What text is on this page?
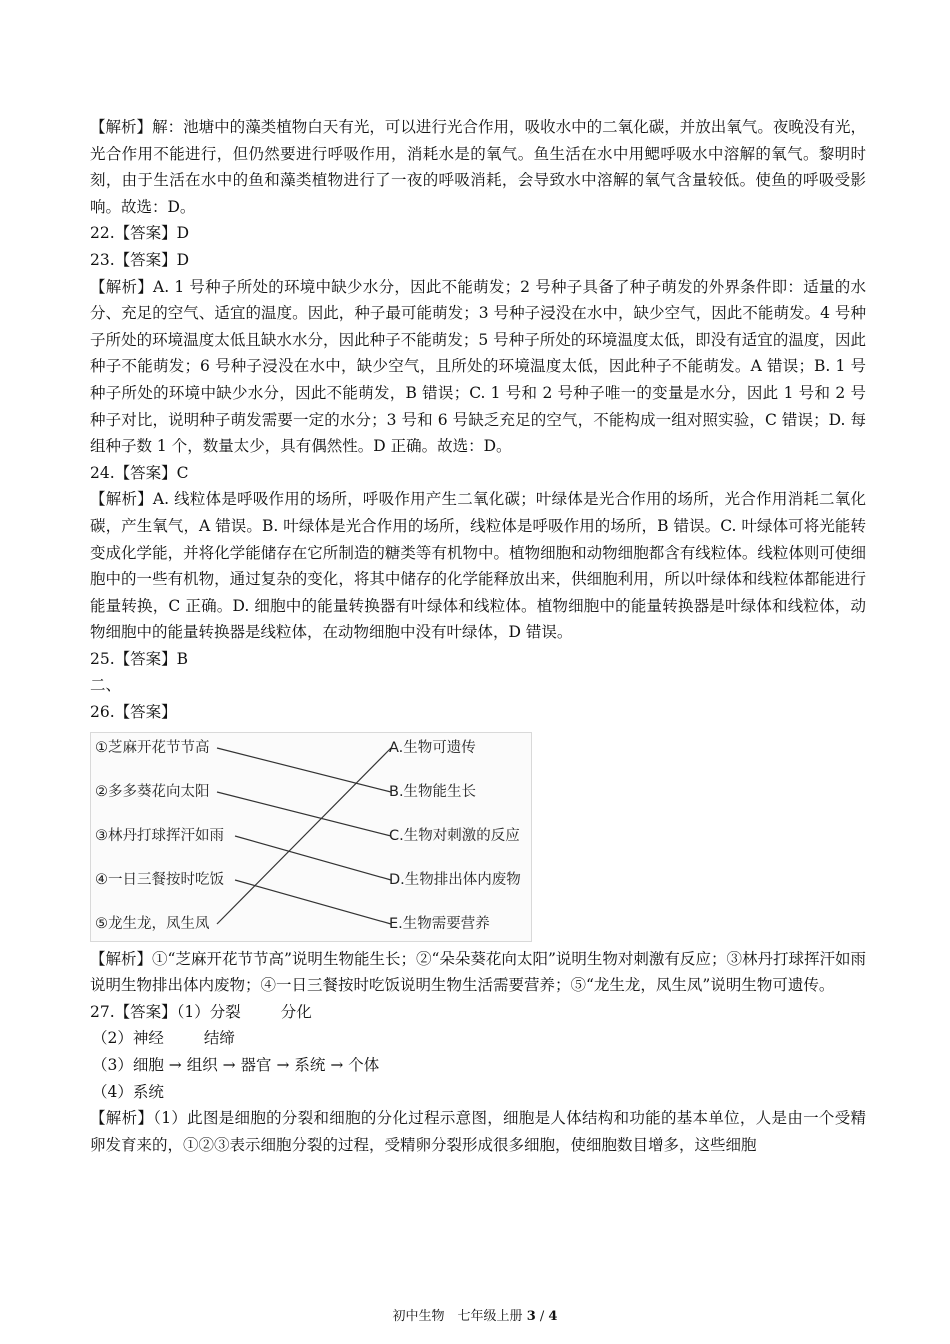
【解析】解：池塘中的藻类植物白天有光，可以进行光合作用，吸收水中的二氧化碳，并放出氧气。夜晚没有光，光合作用不能进行，但仍然要进行呼吸作用，消耗水是的氧气。鱼生活在水中用鳃呼吸水中溶解的氧气。黎明时刻，由于生活在水中的鱼和藻类植物进行了一夜的呼吸消耗，会导致水中溶解的氧气含量较低。使鱼的呼吸受影响。故选：D。

22.【答案】D

23.【答案】D

【解析】A. 1 号种子所处的环境中缺少水分，因此不能萌发；2 号种子具备了种子萌发的外界条件即：适量的水分、充足的空气、适宜的温度。因此，种子最可能萌发；3 号种子浸没在水中，缺少空气，因此不能萌发。4 号种子所处的环境温度太低且缺水水分，因此种子不能萌发；5 号种子所处的环境温度太低，即没有适宜的温度，因此种子不能萌发；6 号种子浸没在水中，缺少空气，且所处的环境温度太低，因此种子不能萌发。A 错误；B. 1 号种子所处的环境中缺少水分，因此不能萌发，B 错误；C. 1 号和 2 号种子唯一的变量是水分，因此 1 号和 2 号种子对比，说明种子萌发需要一定的水分；3 号和 6 号缺乏充足的空气，不能构成一组对照实验，C 错误；D. 每组种子数 1 个，数量太少，具有偶然性。D 正确。故选：D。

24.【答案】C

【解析】A. 线粒体是呼吸作用的场所，呼吸作用产生二氧化碳；叶绿体是光合作用的场所，光合作用消耗二氧化碳，产生氧气，A 错误。B. 叶绿体是光合作用的场所，线粒体是呼吸作用的场所，B 错误。C. 叶绿体可将光能转变成化学能，并将化学能储存在它所制造的糖类等有机物中。植物细胞和动物细胞都含有线粒体。线粒体则可使细胞中的一些有机物，通过复杂的变化，将其中储存的化学能释放出来，供细胞利用，所以叶绿体和线粒体都能进行能量转换，C 正确。D. 细胞中的能量转换器有叶绿体和线粒体。植物细胞中的能量转换器是叶绿体和线粒体，动物细胞中的能量转换器是线粒体，在动物细胞中没有叶绿体，D 错误。

25.【答案】B

二、

26.【答案】

①芝麻开花节节高
②多多葵花向太阳
③林丹打球挥汗如雨
④一日三餐按时吃饭
⑤龙生龙，凤生凤
A.生物可遗传
B.生物能生长
C.生物对刺激的反应
D.生物排出体内废物
E.生物需要营养

【解析】①“芝麻开花节节高”说明生物能生长；②“朵朵葵花向太阳”说明生物对刺激有反应；③林丹打球挥汗如雨说明生物排出体内废物；④一日三餐按时吃饭说明生物生活需要营养；⑤“龙生龙，凤生凤”说明生物可遗传。

27.【答案】（1）分裂	分化

（2）神经	结缔

（3）细胞 → 组织 → 器官 → 系统 → 个体

（4）系统

【解析】（1）此图是细胞的分裂和细胞的分化过程示意图，细胞是人体结构和功能的基本单位，人是由一个受精卵发育来的，①②③表示细胞分裂的过程，受精卵分裂形成很多细胞，使细胞数目增多，这些细胞

初中生物　七年级上册 3 / 4
